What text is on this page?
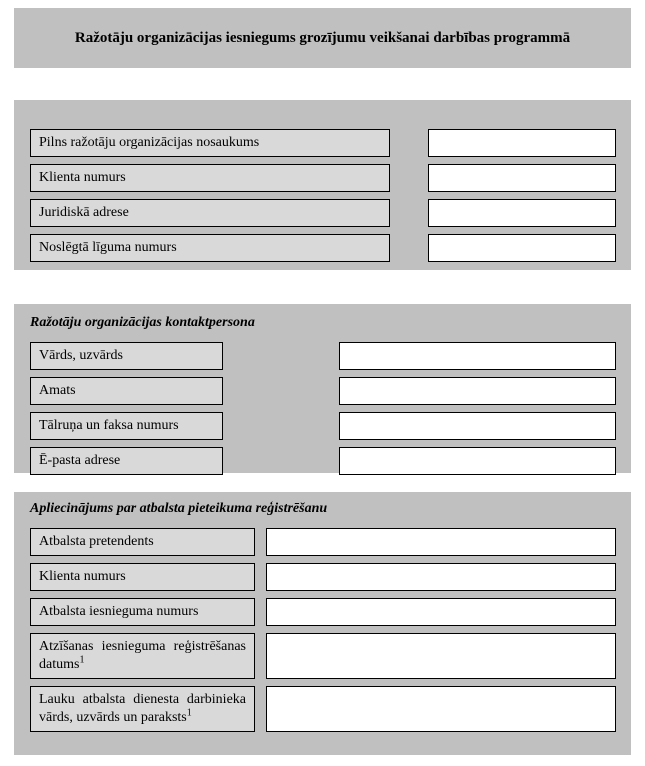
Ražotāju organizācijas iesniegums grozījumu veikšanai darbības programmā
Pilns ražotāju organizācijas nosaukums
Klienta numurs
Juridiskā adrese
Noslēgtā līguma numurs
Ražotāju organizācijas kontaktpersona
Vārds, uzvārds
Amats
Tālruņa un faksa numurs
Ē-pasta adrese
Apliecinājums par atbalsta pieteikuma reģistrēšanu
Atbalsta pretendents
Klienta numurs
Atbalsta iesnieguma numurs
Atzīšanas iesnieguma reģistrēšanas datums$^1$
Lauku atbalsta dienesta darbinieka vārds, uzvārds un paraksts$^1$
